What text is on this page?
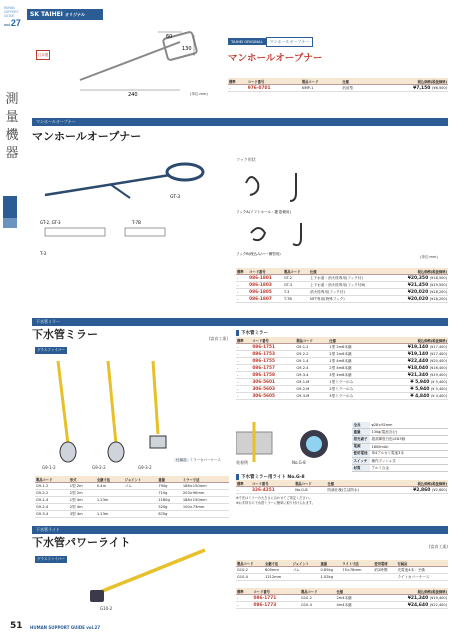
HUMAN
SUPPORT
GUIDE
vol.27
測
量
機
器
SK TAIHEI オリジナル
日本製
60
130
240	(単位:mm)
TAIHEI ORIGINAL マンホールオープナー
マンホールオープナー
標準	コード番号	製品コード	仕様	税込価格(税抜価格)
-	976-0701	NMP-1	汎用型	¥7,150 (¥6,500)
マンホールオープナー
マンホールオープナー
GT-3
GT-2, GT-3	T-7B
T-3
フック形状
フックA(ソフトホール・鍵 掛兼用)
フックB(埋込み/ハー横型用)
(単位:mm)
標準	コード番号	製品コード	仕様	税込価格(税抜価格)
-	086-1801	GT-2	上下水道・消火栓専用(フック付)	¥20,350 (¥18,500)
-	086-1803	GT-3	上下水道・消火栓専用(フック付B)	¥21,450 (¥19,500)
-	086-1805	T-3	消火栓専用(フック付)	¥20,020 (¥18,200)
-	086-1807	T-7B	NTT専用(特殊フック)	¥20,020 (¥18,200)
下水管ミラー
下水管ミラー	(富真工業)
グラスファイバー
G9-1-2	G9-2-2	G9-3-2
付属品 ミラーカバーケース
製品コード	形式	全継寸法	ジョイント	重量	ミラー寸法
G9-1-2	1型 2m	0.4m	ゴム	790g	188×150mm
G9-2-2	2型 2m			710g	203×90mm
G9-1-4	1型 4m	1.23m		1160g	188×150mm
G9-2-4	2型 4m			520g	100×73mm
G9-3-4	3型 4m	1.23m		870g	
下水管ミラー
標準	コード番号	製品コード	仕様	税込価格(税抜価格)
-	086-1751	G9-1-2	1型 2m6本継	¥19,140 (¥17,400)
-	086-1753	G9-2-2	2型 2m6本継	¥19,140 (¥17,400)
-	086-1755	G9-1-4	1型 4m8本継	¥22,440 (¥20,400)
-	086-1757	G9-2-4	2型 4m8本継	¥18,040 (¥16,400)
-	086-1758	G9-3-4	3型 4m8本継	¥21,340 (¥19,400)
-	306-5601	G9-1-M	1型ミラーのみ	¥ 5,940 (¥ 5,400)
-	306-5603	G9-2-M	2型ミラーのみ	¥ 5,940 (¥ 5,400)
-	306-5605	G9-3-M	3型ミラーのみ	¥ 4,840 (¥ 4,400)
装着例	No.G-8
全長	φ28×92mm
重量	130g(電池含む)
発光素子	超高輝度白色LED3個
電源	1800mAh
使用電池	単4アルカリ電池3本
スイッチ	操作プッシュ式
材質	アルミ合金
下水管ミラー用ライト No.G-8
標準	コード番号	製品コード	仕様	税込価格(税抜価格)
-	326-4251	No.G-8	防滴仕様(生活防水)	¥2,860 (¥2,600)
※寸法はミラーの大きさに合わせてご指定ください。
※お手持ちの下水管ミラーに簡単に取り付けられます。
下水管ライト
下水管パワーライト	(富真工業)
グラスファイバー
G10-2
製品コード	全継寸法	ジョイント	重量	ライト寸法	使用電球	付属品
G10-2	605mm	ゴム	0.85kg	75×78mm	約2時間	充電池4本・予備
G10-4	1212mm		1.02kg			ライトカバーケース
標準	コード番号	製品コード	仕様	税込価格(税抜価格)
-	086-1771	G10-2	2m4本継	¥21,340 (¥19,400)
-	086-1773	G10-4	4m4本継	¥24,640 (¥22,400)
51 HUMAN SUPPORT GUIDE vol.27
